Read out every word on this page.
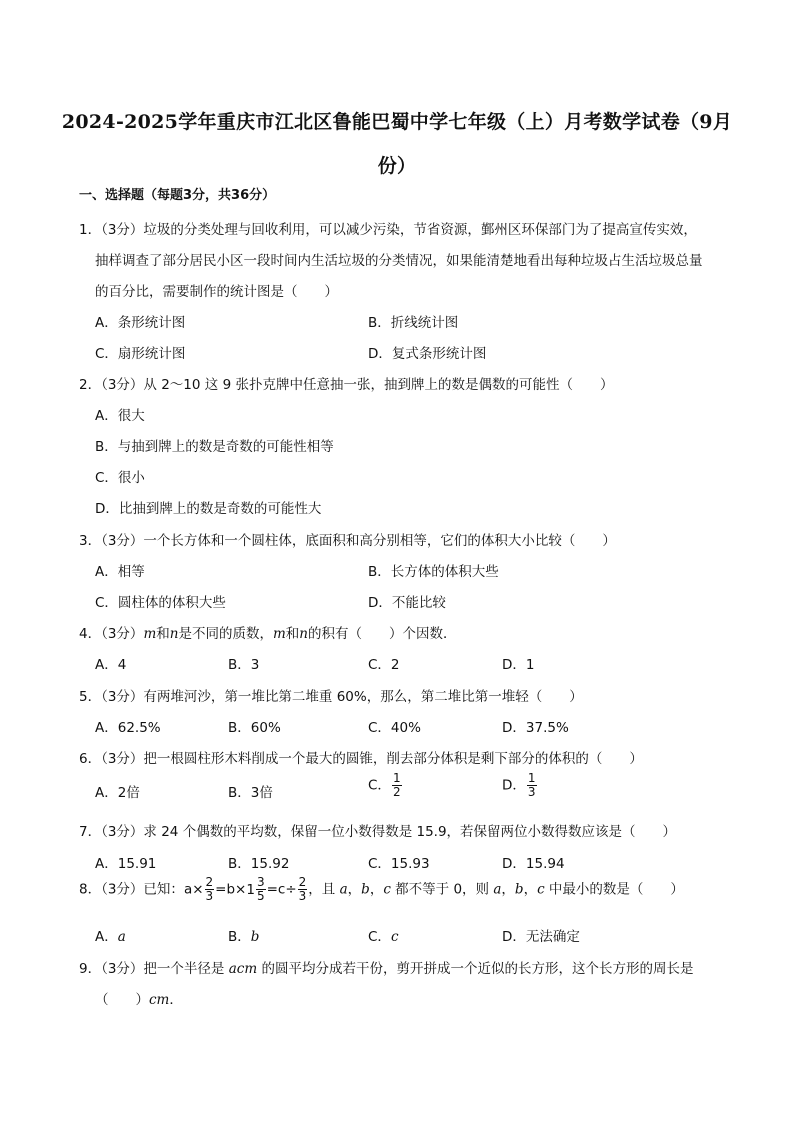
2024-2025学年重庆市江北区鲁能巴蜀中学七年级（上）月考数学试卷（9月份）
一、选择题（每题3分，共36分）
1．（3分）垃圾的分类处理与回收利用，可以减少污染，节省资源，鄞州区环保部门为了提高宣传实效，
抽样调查了部分居民小区一段时间内生活垃圾的分类情况，如果能清楚地看出每种垃圾占生活垃圾总量
的百分比，需要制作的统计图是（　　）
A．条形统计图	B．折线统计图
C．扇形统计图	D．复式条形统计图
2．（3分）从 2～10 这 9 张扑克牌中任意抽一张，抽到牌上的数是偶数的可能性（　　）
A．很大
B．与抽到牌上的数是奇数的可能性相等
C．很小
D．比抽到牌上的数是奇数的可能性大
3．（3分）一个长方体和一个圆柱体，底面积和高分别相等，它们的体积大小比较（　　）
A．相等	B．长方体的体积大些
C．圆柱体的体积大些	D．不能比较
4．（3分）m和n是不同的质数，m和n的积有（　　）个因数．
A．4	B．3	C．2	D．1
5．（3分）有两堆河沙，第一堆比第二堆重 60%，那么，第二堆比第一堆轻（　　）
A．62.5%	B．60%	C．40%	D．37.5%
6．（3分）把一根圆柱形木料削成一个最大的圆锥，削去部分体积是剩下部分的体积的（　　）
A．2倍	B．3倍	C． $\frac{1}{2}$	D． $\frac{1}{3}$
7．（3分）求 24 个偶数的平均数，保留一位小数得数是 15.9，若保留两位小数得数应该是（　　）
A．15.91	B．15.92	C．15.93	D．15.94
8．（3分）已知：$a\times \frac{2}{3} =b\times 1 \frac{3}{5} =c\div \frac{2}{3}$ ，且 a，b，c 都不等于 0，则 a，b，c 中最小的数是（　　）
A．a	B．b	C．c	D．无法确定
9．（3分）把一个半径是 acm 的圆平均分成若干份，剪开拼成一个近似的长方形，这个长方形的周长是
（　　）cm．
